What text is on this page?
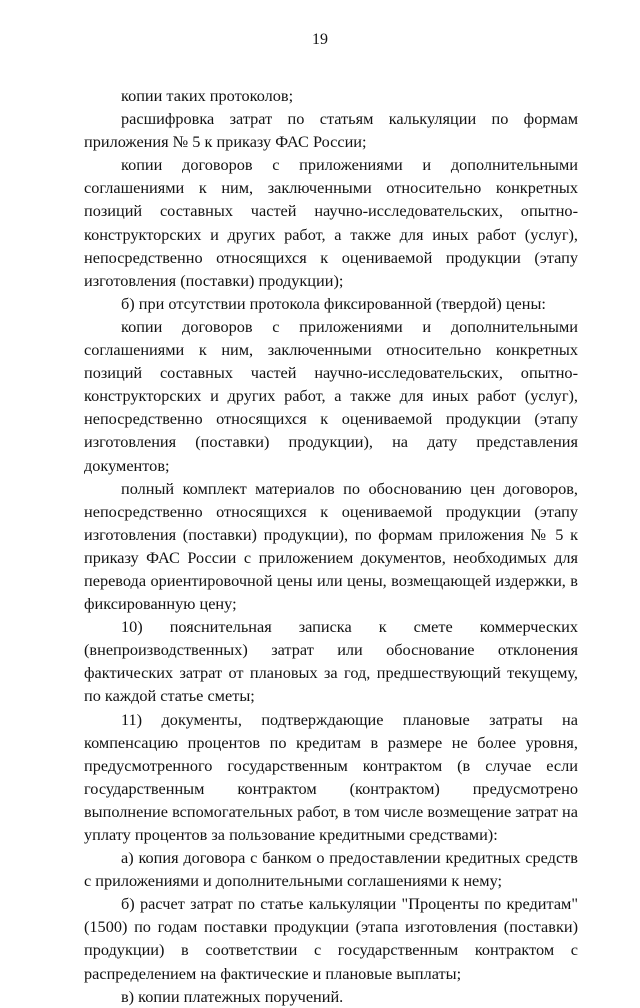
19

копии таких протоколов;

расшифровка затрат по статьям калькуляции по формам приложения № 5 к приказу ФАС России;

копии договоров с приложениями и дополнительными соглашениями к ним, заключенными относительно конкретных позиций составных частей научно-исследовательских, опытно-конструкторских и других работ, а также для иных работ (услуг), непосредственно относящихся к оцениваемой продукции (этапу изготовления (поставки) продукции);

б) при отсутствии протокола фиксированной (твердой) цены:

копии договоров с приложениями и дополнительными соглашениями к ним, заключенными относительно конкретных позиций составных частей научно-исследовательских, опытно-конструкторских и других работ, а также для иных работ (услуг), непосредственно относящихся к оцениваемой продукции (этапу изготовления (поставки) продукции), на дату представления документов;

полный комплект материалов по обоснованию цен договоров, непосредственно относящихся к оцениваемой продукции (этапу изготовления (поставки) продукции), по формам приложения № 5 к приказу ФАС России с приложением документов, необходимых для перевода ориентировочной цены или цены, возмещающей издержки, в фиксированную цену;

10) пояснительная записка к смете коммерческих (внепроизводственных) затрат или обоснование отклонения фактических затрат от плановых за год, предшествующий текущему, по каждой статье сметы;

11) документы, подтверждающие плановые затраты на компенсацию процентов по кредитам в размере не более уровня, предусмотренного государственным контрактом (в случае если государственным контрактом (контрактом) предусмотрено выполнение вспомогательных работ, в том числе возмещение затрат на уплату процентов за пользование кредитными средствами):

а) копия договора с банком о предоставлении кредитных средств с приложениями и дополнительными соглашениями к нему;

б) расчет затрат по статье калькуляции "Проценты по кредитам" (1500) по годам поставки продукции (этапа изготовления (поставки) продукции) в соответствии с государственным контрактом с распределением на фактические и плановые выплаты;

в) копии платежных поручений.
